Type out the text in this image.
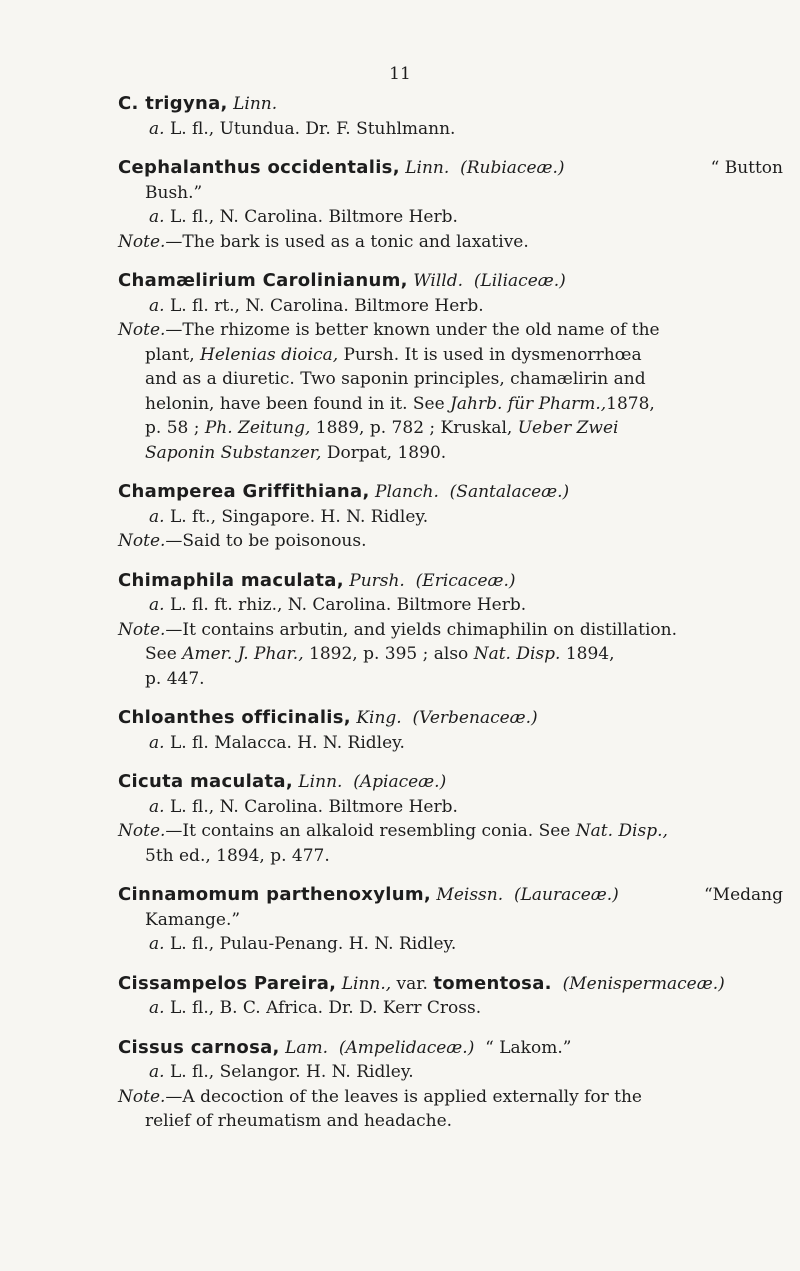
11
C. trigyna, Linn.
a. L. fl., Utundua. Dr. F. Stuhlmann.
Cephalanthus occidentalis, Linn. (Rubiaceæ.)	“ Button
Bush.”
a. L. fl., N. Carolina. Biltmore Herb.
Note.—The bark is used as a tonic and laxative.
Chamælirium Carolinianum, Willd. (Liliaceæ.)
a. L. fl. rt., N. Carolina. Biltmore Herb.
Note.—The rhizome is better known under the old name of the
plant, Helenias dioica, Pursh. It is used in dysmenorrhœa
and as a diuretic. Two saponin principles, chamælirin and
helonin, have been found in it. See Jahrb. für Pharm.,1878,
p. 58 ; Ph. Zeitung, 1889, p. 782 ; Kruskal, Ueber Zwei
Saponin Substanzer, Dorpat, 1890.
Champerea Griffithiana, Planch. (Santalaceæ.)
a. L. ft., Singapore. H. N. Ridley.
Note.—Said to be poisonous.
Chimaphila maculata, Pursh. (Ericaceæ.)
a. L. fl. ft. rhiz., N. Carolina. Biltmore Herb.
Note.—It contains arbutin, and yields chimaphilin on distillation.
See Amer. J. Phar., 1892, p. 395 ; also Nat. Disp. 1894,
p. 447.
Chloanthes officinalis, King. (Verbenaceæ.)
a. L. fl. Malacca. H. N. Ridley.
Cicuta maculata, Linn. (Apiaceæ.)
a. L. fl., N. Carolina. Biltmore Herb.
Note.—It contains an alkaloid resembling conia. See Nat. Disp.,
5th ed., 1894, p. 477.
Cinnamomum parthenoxylum, Meissn. (Lauraceæ.)	“Medang
Kamange.”
a. L. fl., Pulau-Penang. H. N. Ridley.
Cissampelos Pareira, Linn., var. tomentosa. (Menispermaceæ.)
a. L. fl., B. C. Africa. Dr. D. Kerr Cross.
Cissus carnosa, Lam. (Ampelidaceæ.) “ Lakom.”
a. L. fl., Selangor. H. N. Ridley.
Note.—A decoction of the leaves is applied externally for the
relief of rheumatism and headache.
